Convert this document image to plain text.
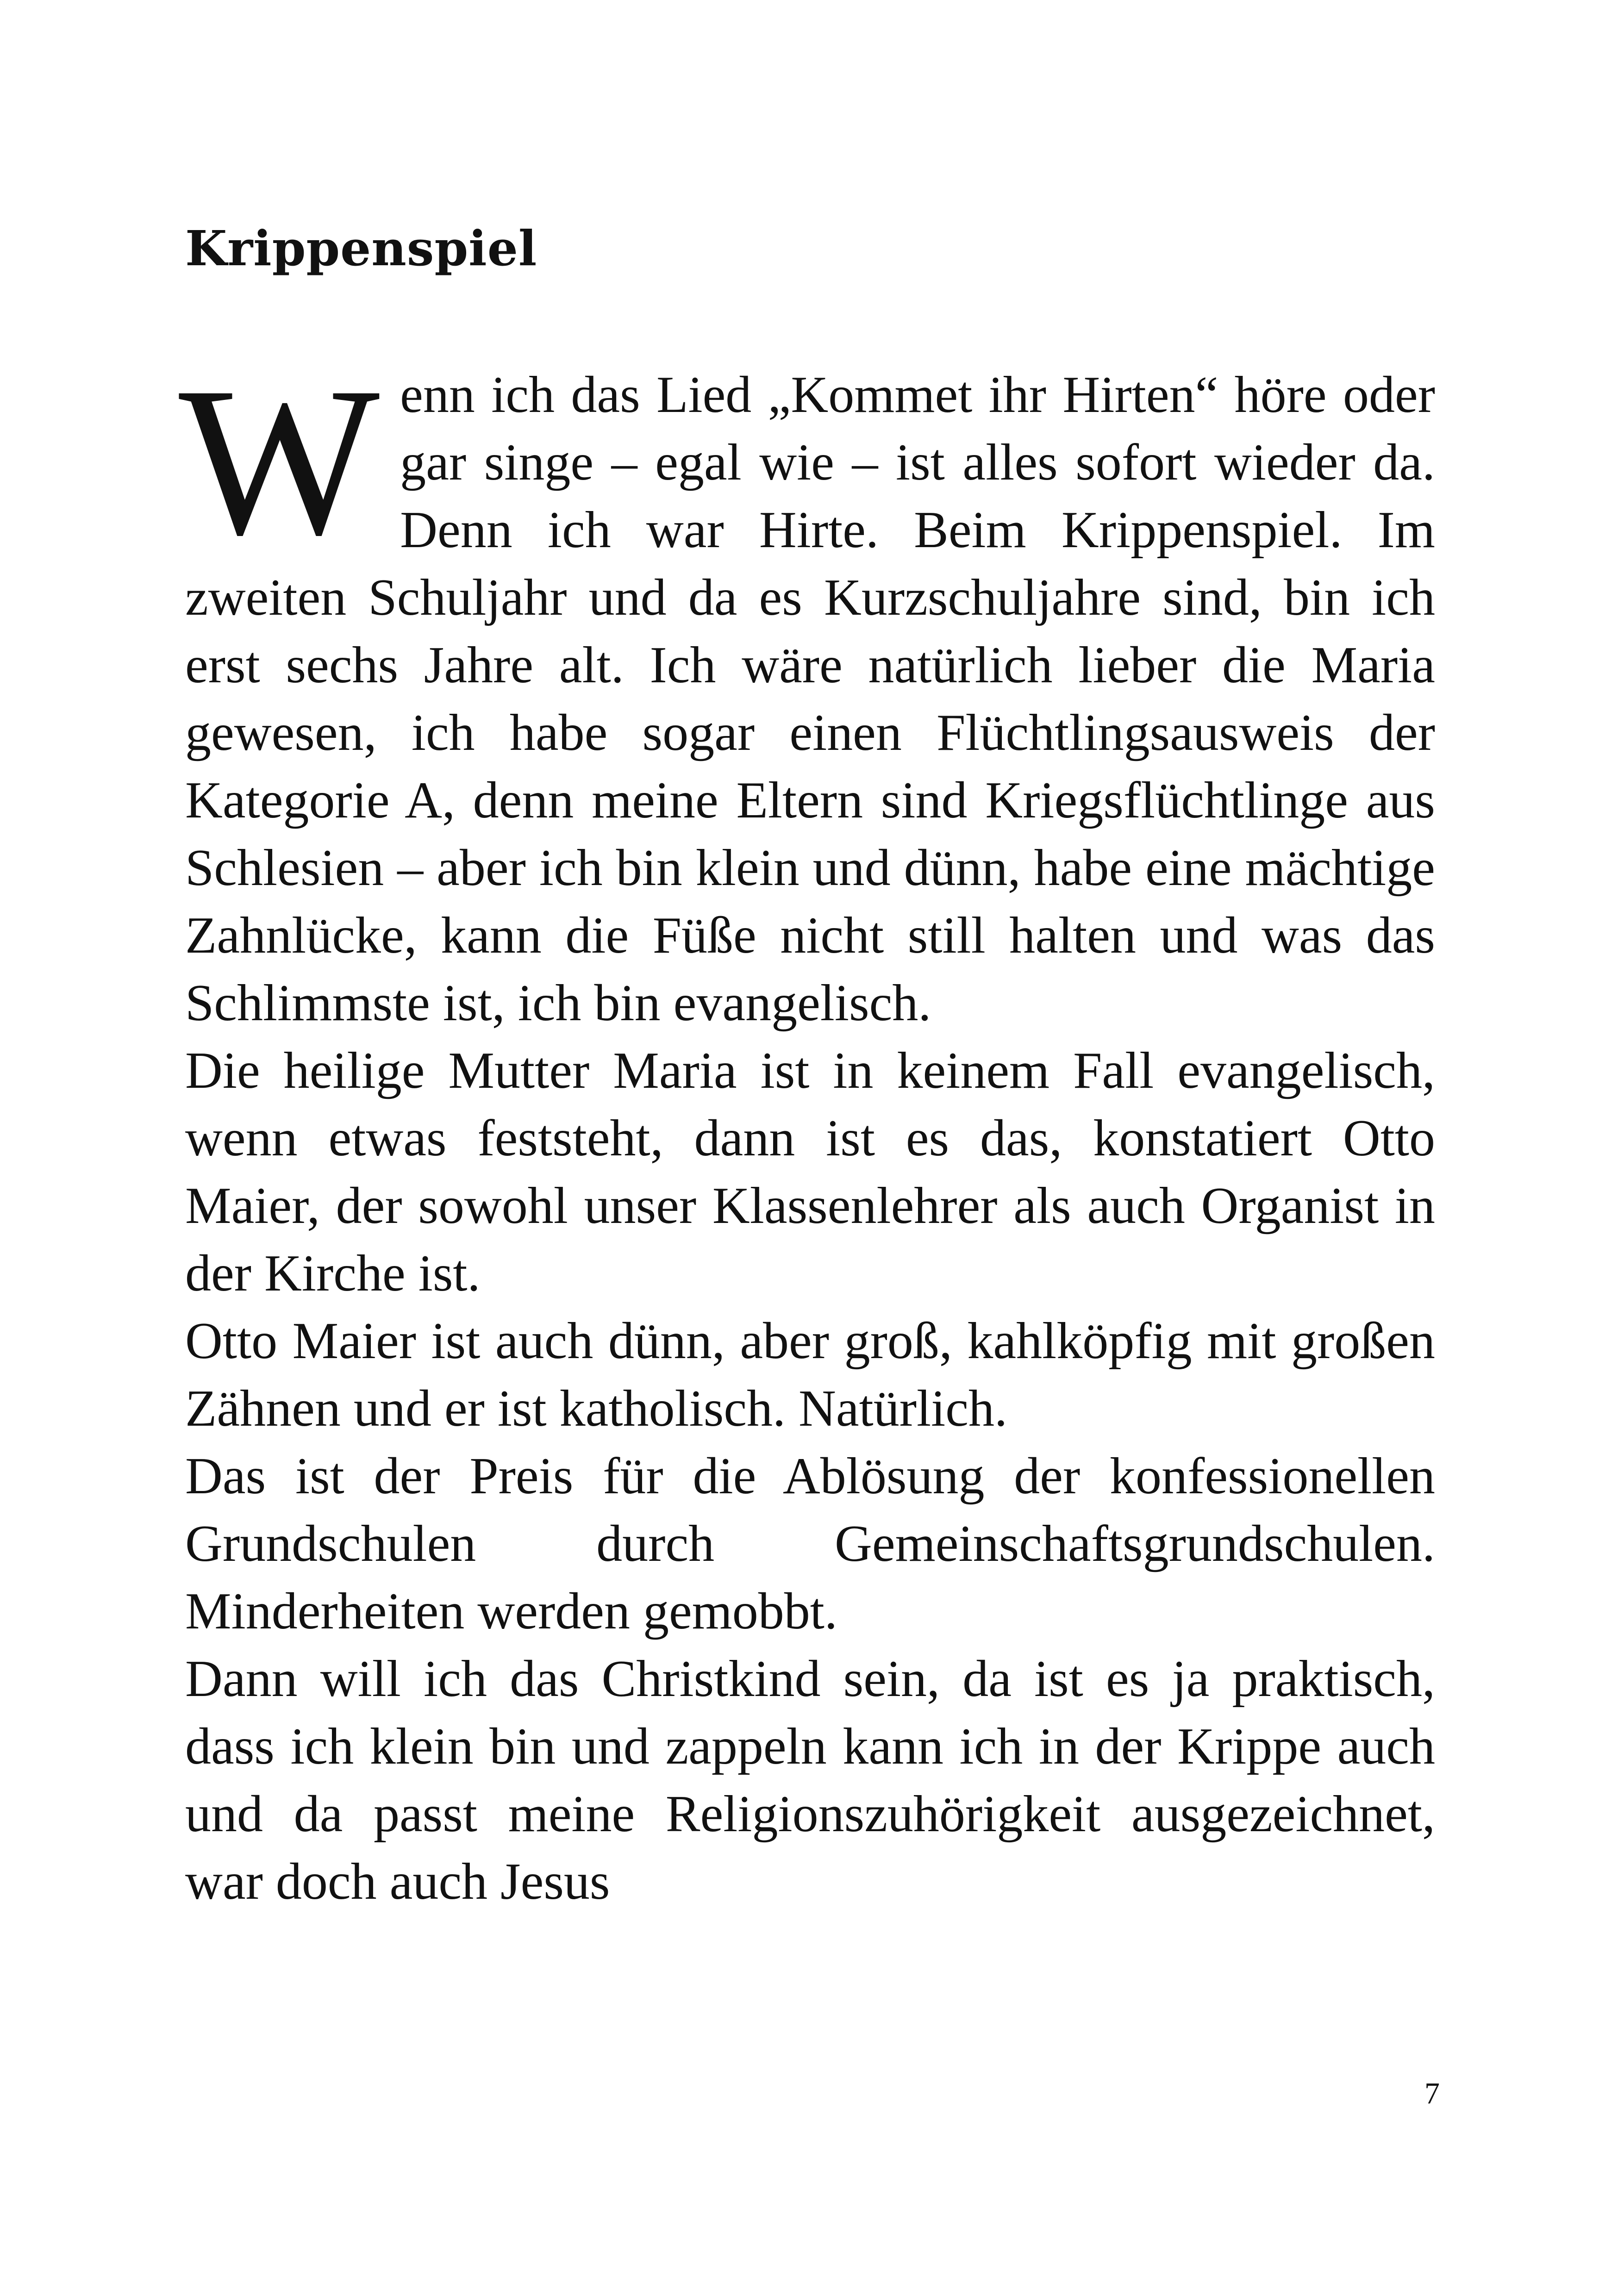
Krippenspiel

Wenn ich das Lied „Kommet ihr Hirten“ höre oder gar singe – egal wie – ist alles sofort wieder da. Denn ich war Hirte. Beim Krippenspiel. Im zweiten Schuljahr und da es Kurzschuljahre sind, bin ich erst sechs Jahre alt. Ich wäre natürlich lieber die Maria gewesen, ich habe sogar einen Flüchtlingsausweis der Kategorie A, denn meine Eltern sind Kriegsflüchtlinge aus Schlesien – aber ich bin klein und dünn, habe eine mächtige Zahnlücke, kann die Füße nicht still halten und was das Schlimmste ist, ich bin evangelisch.

Die heilige Mutter Maria ist in keinem Fall evangelisch, wenn etwas feststeht, dann ist es das, konstatiert Otto Maier, der sowohl unser Klassenlehrer als auch Organist in der Kirche ist.

Otto Maier ist auch dünn, aber groß, kahlköpfig mit großen Zähnen und er ist katholisch. Natürlich.

Das ist der Preis für die Ablösung der konfessionellen Grundschulen durch Gemeinschaftsgrundschulen. Minderheiten werden gemobbt.

Dann will ich das Christkind sein, da ist es ja praktisch, dass ich klein bin und zappeln kann ich in der Krippe auch und da passt meine Religionszuhörigkeit ausgezeichnet, war doch auch Jesus

7
